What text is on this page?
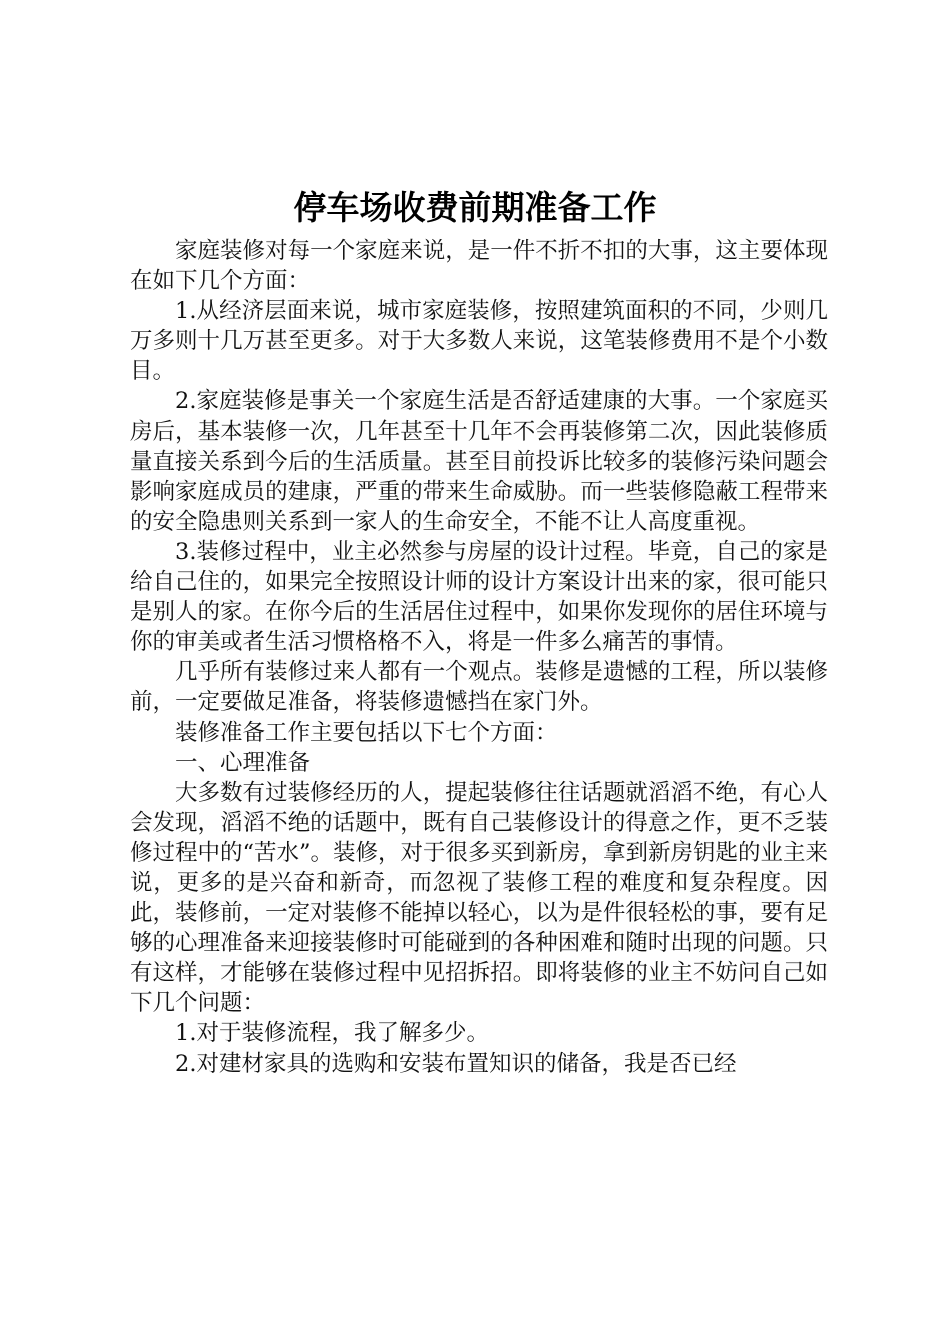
停车场收费前期准备工作

家庭装修对每一个家庭来说，是一件不折不扣的大事，这主要体现在如下几个方面：

1.从经济层面来说，城市家庭装修，按照建筑面积的不同，少则几万多则十几万甚至更多。对于大多数人来说，这笔装修费用不是个小数目。

2.家庭装修是事关一个家庭生活是否舒适建康的大事。一个家庭买房后，基本装修一次，几年甚至十几年不会再装修第二次，因此装修质量直接关系到今后的生活质量。甚至目前投诉比较多的装修污染问题会影响家庭成员的建康，严重的带来生命威胁。而一些装修隐蔽工程带来的安全隐患则关系到一家人的生命安全，不能不让人高度重视。

3.装修过程中，业主必然参与房屋的设计过程。毕竟，自己的家是给自己住的，如果完全按照设计师的设计方案设计出来的家，很可能只是别人的家。在你今后的生活居住过程中，如果你发现你的居住环境与你的审美或者生活习惯格格不入，将是一件多么痛苦的事情。

几乎所有装修过来人都有一个观点。装修是遗憾的工程，所以装修前，一定要做足准备，将装修遗憾挡在家门外。

装修准备工作主要包括以下七个方面：

一、心理准备

大多数有过装修经历的人，提起装修往往话题就滔滔不绝，有心人会发现，滔滔不绝的话题中，既有自己装修设计的得意之作，更不乏装修过程中的“苦水”。装修，对于很多买到新房，拿到新房钥匙的业主来说，更多的是兴奋和新奇，而忽视了装修工程的难度和复杂程度。因此，装修前，一定对装修不能掉以轻心，以为是件很轻松的事，要有足够的心理准备来迎接装修时可能碰到的各种困难和随时出现的问题。只有这样，才能够在装修过程中见招拆招。即将装修的业主不妨问自己如下几个问题：

1.对于装修流程，我了解多少。

2.对建材家具的选购和安装布置知识的储备，我是否已经
